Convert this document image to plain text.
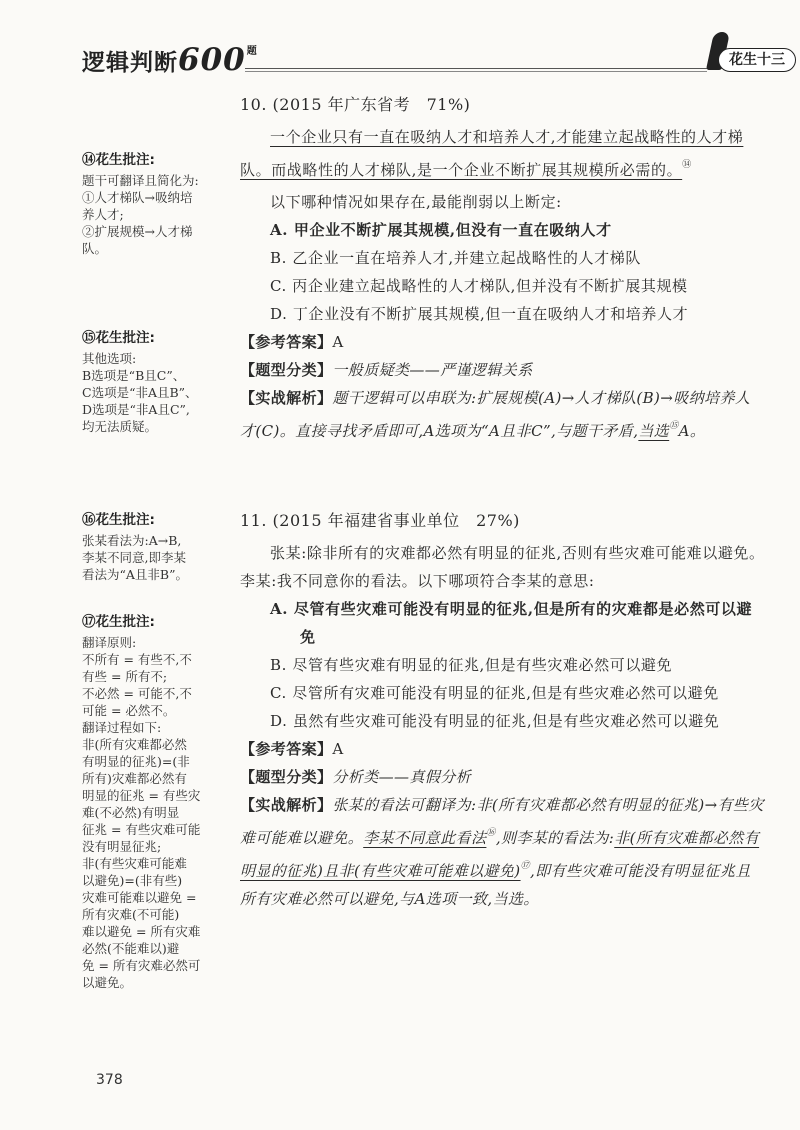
逻辑判断$600^题$
花生十三
⑭花生批注:
题干可翻译且简化为:
①人才梯队→吸纳培
养人才;
②扩展规模→人才梯
队。
⑮花生批注:
其他选项:
B选项是“B且C”、
C选项是“非A且B”、
D选项是“非A且C”,
均无法质疑。
⑯花生批注:
张某看法为:A→B,
李某不同意,即李某
看法为“A且非B”。
⑰花生批注:
翻译原则:
不所有 = 有些不,不
有些 = 所有不;
不必然 = 可能不,不
可能 = 必然不。
翻译过程如下:
非(所有灾难都必然
有明显的征兆)=(非
所有)灾难都必然有
明显的征兆 = 有些灾
难(不必然)有明显
征兆 = 有些灾难可能
没有明显征兆;
非(有些灾难可能难
以避免)=(非有些)
灾难可能难以避免 =
所有灾难(不可能)
难以避免 = 所有灾难
必然(不能难以)避
免 = 所有灾难必然可
以避免。
10. (2015 年广东省考　71%)
一个企业只有一直在吸纳人才和培养人才,才能建立起战略性的人才梯队。而战略性的人才梯队,是一个企业不断扩展其规模所必需的。⑭
以下哪种情况如果存在,最能削弱以上断定:
A. 甲企业不断扩展其规模,但没有一直在吸纳人才
B. 乙企业一直在培养人才,并建立起战略性的人才梯队
C. 丙企业建立起战略性的人才梯队,但并没有不断扩展其规模
D. 丁企业没有不断扩展其规模,但一直在吸纳人才和培养人才
【参考答案】A
【题型分类】一般质疑类——严谨逻辑关系
【实战解析】题干逻辑可以串联为:扩展规模(A)→人才梯队(B)→吸纳培养人才(C)。直接寻找矛盾即可,A选项为“A且非C”,与题干矛盾,当选⑮A。
11. (2015 年福建省事业单位　27%)
张某:除非所有的灾难都必然有明显的征兆,否则有些灾难可能难以避免。李某:我不同意你的看法。以下哪项符合李某的意思:
A. 尽管有些灾难可能没有明显的征兆,但是所有的灾难都是必然可以避免
B. 尽管有些灾难有明显的征兆,但是有些灾难必然可以避免
C. 尽管所有灾难可能没有明显的征兆,但是有些灾难必然可以避免
D. 虽然有些灾难可能没有明显的征兆,但是有些灾难必然可以避免
【参考答案】A
【题型分类】分析类——真假分析
【实战解析】张某的看法可翻译为:非(所有灾难都必然有明显的征兆)→有些灾难可能难以避免。李某不同意此看法⑯,则李某的看法为:非(所有灾难都必然有明显的征兆)且非(有些灾难可能难以避免)⑰,即有些灾难可能没有明显征兆且所有灾难必然可以避免,与A选项一致,当选。
378
